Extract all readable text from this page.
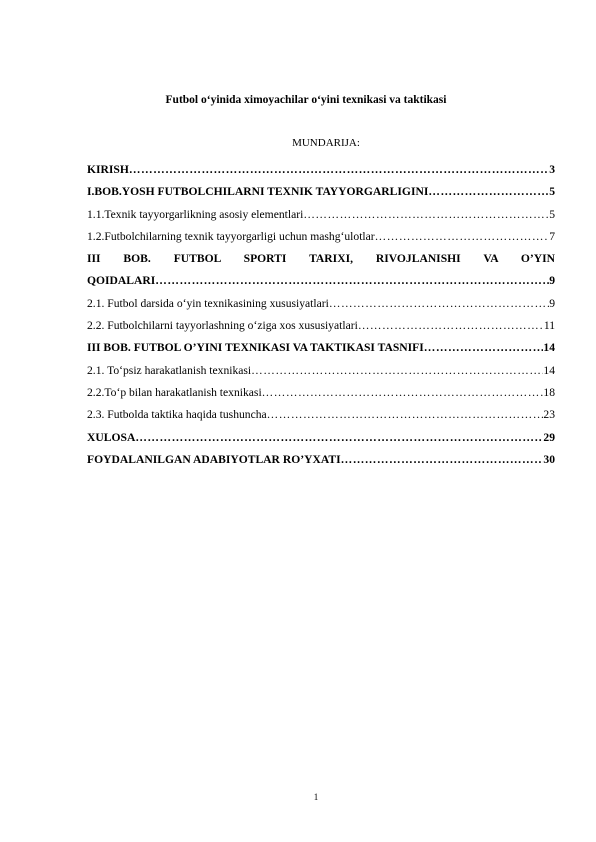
Futbol o‘yinida ximoyachilar o‘yini texnikasi va taktikasi
MUNDARIJA:
KIRISH …………………………………………………………………………………………………………………………………………………………	3
I.BOB.YOSH FUTBOLCHILARNI TEXNIK TAYYORGARLIGINI …………………………………………………………………………………………………………………………………………………………	5
1.1.Texnik tayyorgarlikning asosiy elementlari …………………………………………………………………………………………………………………………………………………………	5
1.2.Futbolchilarning texnik tayyorgarligi uchun mashg‘ulotlar …………………………………………………………………………………………………………………………………………………………	7
III BOB. FUTBOL SPORTI TARIXI, RIVOJLANISHI VA O’YIN
QOIDALARI …………………………………………………………………………………………………………………………………………………………	9
2.1. Futbol darsida o‘yin texnikasining xususiyatlari …………………………………………………………………………………………………………………………………………………………	9
2.2. Futbolchilarni tayyorlashning o‘ziga xos xususiyatlari …………………………………………………………………………………………………………………………………………………………	11
III BOB. FUTBOL O’YINI TEXNIKASI VA TAKTIKASI TASNIFI …………………………………………………………………………………………………………………………………………………………	14
2.1. To‘psiz harakatlanish texnikasi …………………………………………………………………………………………………………………………………………………………	14
2.2.To‘p bilan harakatlanish texnikasi …………………………………………………………………………………………………………………………………………………………	18
2.3. Futbolda taktika haqida tushuncha …………………………………………………………………………………………………………………………………………………………	23
XULOSA …………………………………………………………………………………………………………………………………………………………	29
FOYDALANILGAN ADABIYOTLAR RO’YXATI …………………………………………………………………………………………………………………………………………………………	30
1
